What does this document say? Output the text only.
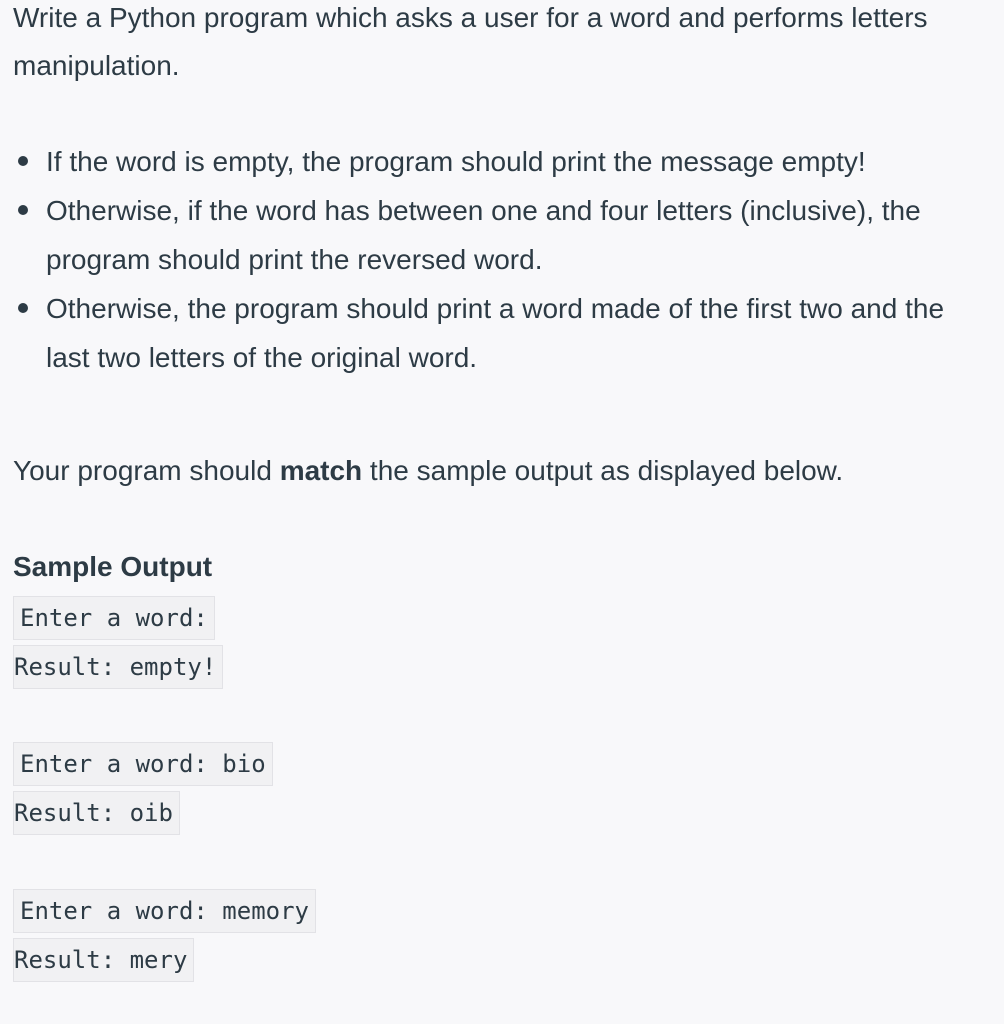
Write a Python program which asks a user for a word and performs letters manipulation.

If the word is empty, the program should print the message empty!
Otherwise, if the word has between one and four letters (inclusive), the program should print the reversed word.
Otherwise, the program should print a word made of the first two and the last two letters of the original word.

Your program should match the sample output as displayed below.

Sample Output
Enter a word:
Result: empty!
Enter a word: bio
Result: oib
Enter a word: memory
Result: mery
